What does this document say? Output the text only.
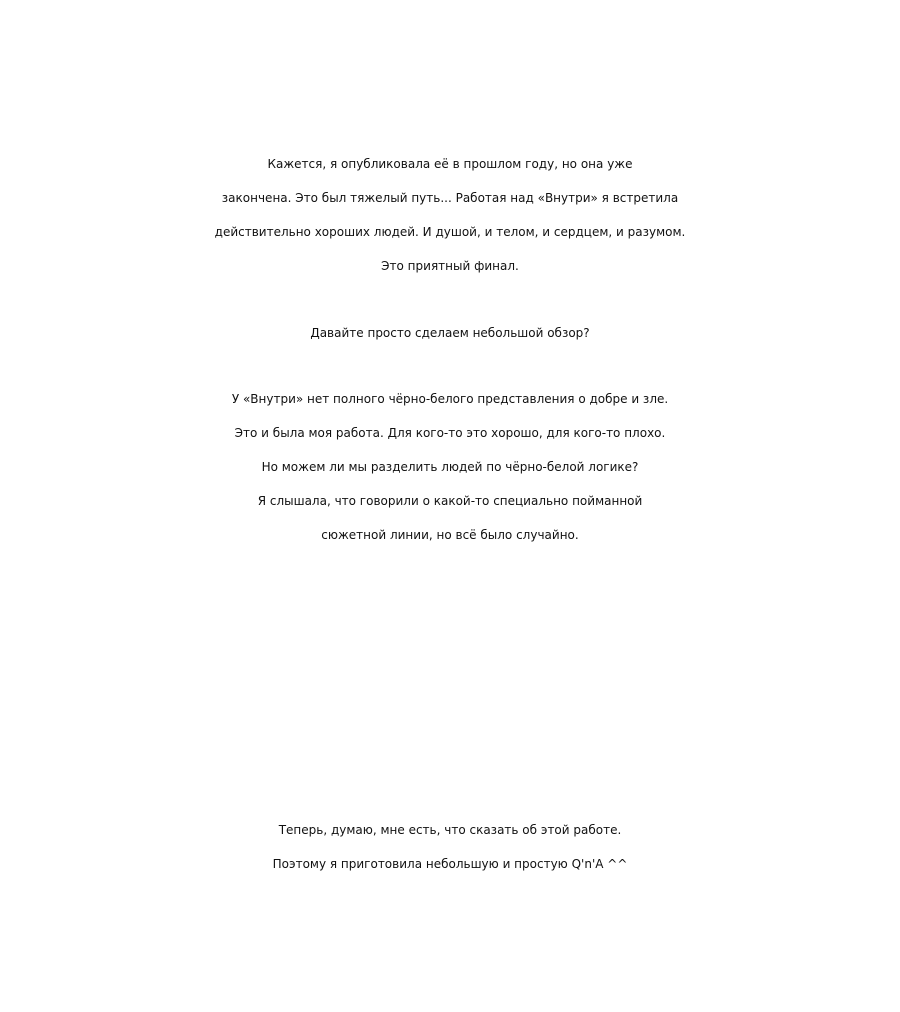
Кажется, я опубликовала её в прошлом году, но она уже
закончена. Это был тяжелый путь... Работая над «Внутри» я встретила
действительно хороших людей. И душой, и телом, и сердцем, и разумом.
Это приятный финал.
Давайте просто сделаем небольшой обзор?
У «Внутри» нет полного чёрно-белого представления о добре и зле.
Это и была моя работа. Для кого-то это хорошо, для кого-то плохо.
Но можем ли мы разделить людей по чёрно-белой логике?
Я слышала, что говорили о какой-то специально пойманной
сюжетной линии, но всё было случайно.
Теперь, думаю, мне есть, что сказать об этой работе.
Поэтому я приготовила небольшую и простую Q'n'A ^^
